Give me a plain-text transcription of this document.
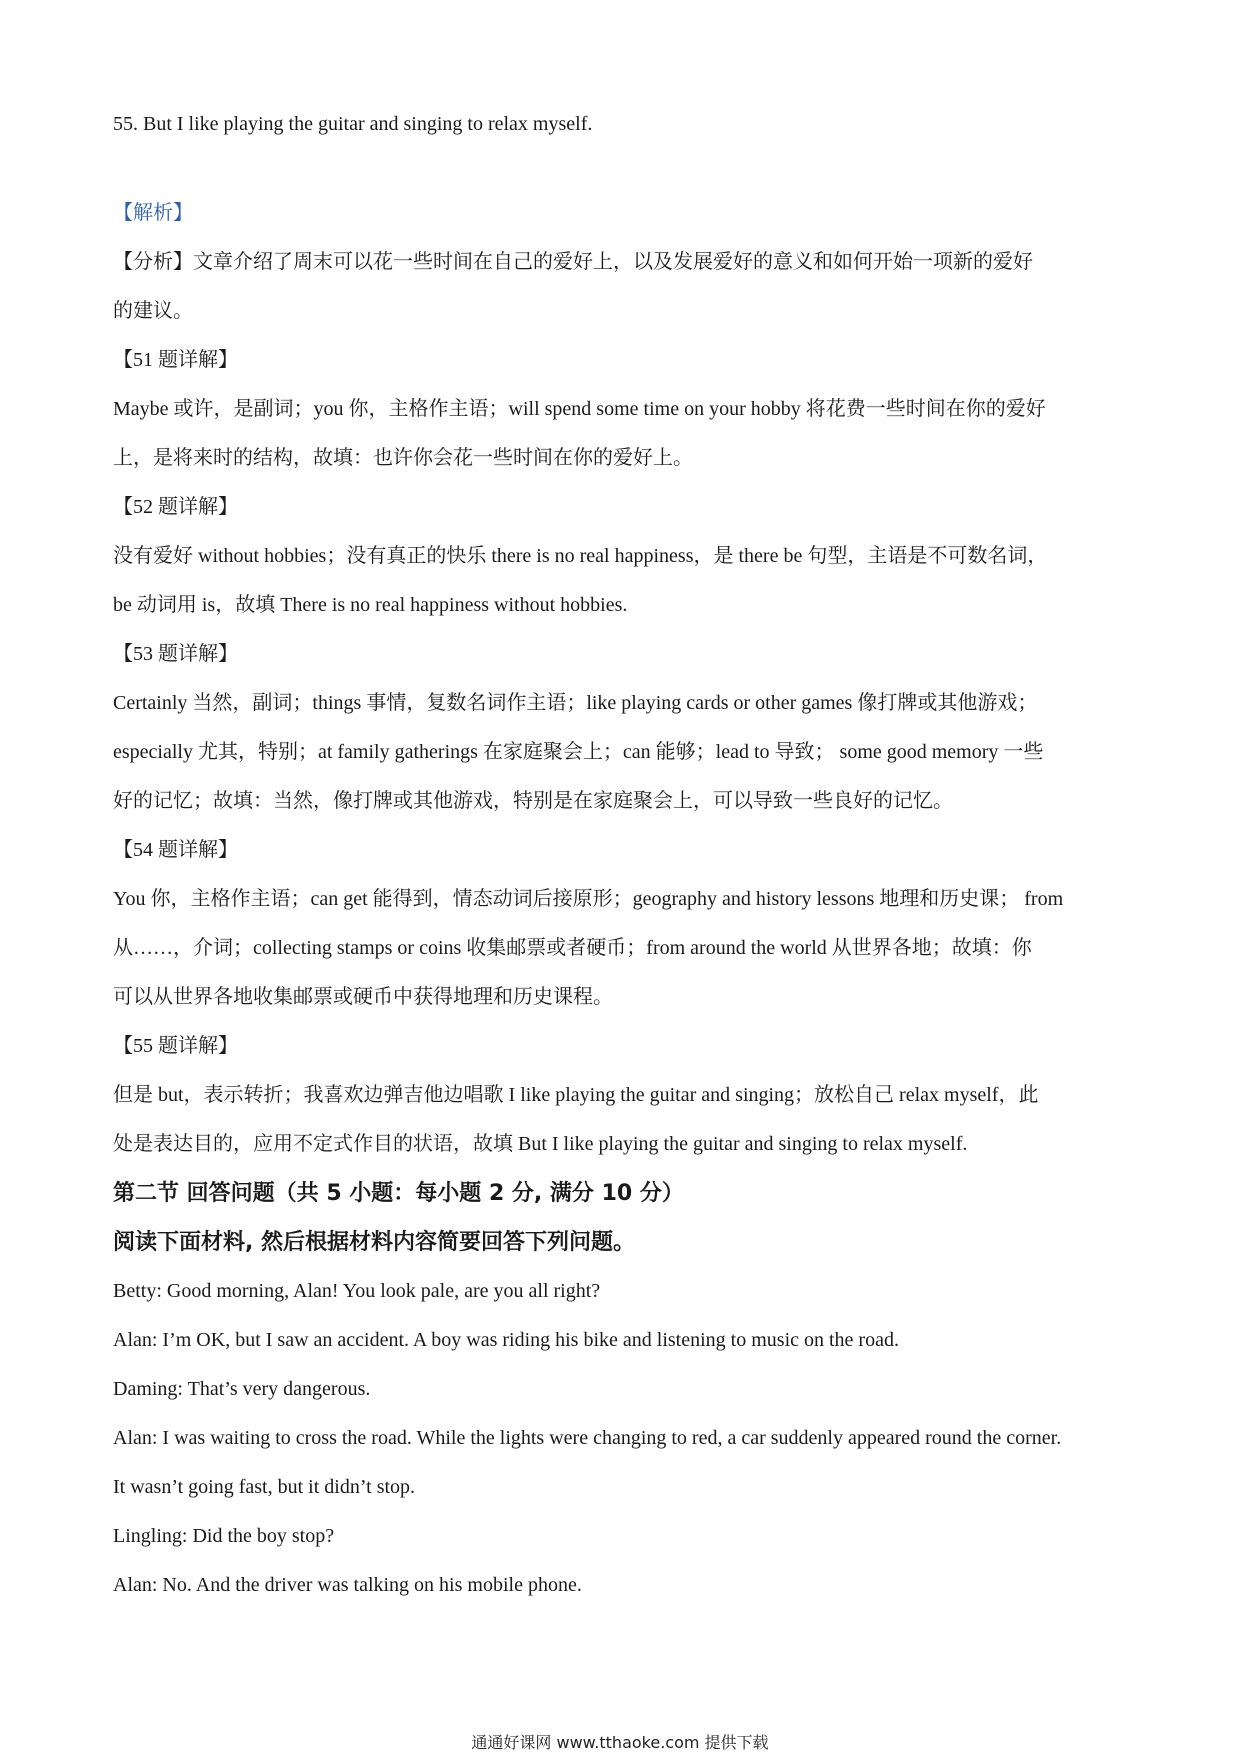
55. But I like playing the guitar and singing to relax myself.

【解析】

【分析】文章介绍了周末可以花一些时间在自己的爱好上，以及发展爱好的意义和如何开始一项新的爱好

的建议。

【51 题详解】

Maybe 或许，是副词；you 你，主格作主语；will spend some time on your hobby 将花费一些时间在你的爱好

上，是将来时的结构，故填：也许你会花一些时间在你的爱好上。

【52 题详解】

没有爱好 without hobbies；没有真正的快乐 there is no real happiness，是 there be 句型，主语是不可数名词，

be 动词用 is，故填 There is no real happiness without hobbies.

【53 题详解】

Certainly 当然，副词；things 事情，复数名词作主语；like playing cards or other games 像打牌或其他游戏；

especially 尤其，特别；at family gatherings 在家庭聚会上；can 能够；lead to 导致； some good memory 一些

好的记忆；故填：当然，像打牌或其他游戏，特别是在家庭聚会上，可以导致一些良好的记忆。

【54 题详解】

You 你，主格作主语；can get 能得到，情态动词后接原形；geography and history lessons 地理和历史课； from

从……，介词；collecting stamps or coins 收集邮票或者硬币；from around the world 从世界各地；故填：你

可以从世界各地收集邮票或硬币中获得地理和历史课程。

【55 题详解】

但是 but，表示转折；我喜欢边弹吉他边唱歌 I like playing the guitar and singing；放松自己 relax myself，此

处是表达目的，应用不定式作目的状语，故填 But I like playing the guitar and singing to relax myself.

第二节 回答问题（共 5 小题：每小题 2 分, 满分 10 分）

阅读下面材料, 然后根据材料内容简要回答下列问题。

Betty: Good morning, Alan! You look pale, are you all right?

Alan: I’m OK, but I saw an accident. A boy was riding his bike and listening to music on the road.

Daming: That’s very dangerous.

Alan: I was waiting to cross the road. While the lights were changing to red, a car suddenly appeared round the corner.

It wasn’t going fast, but it didn’t stop.

Lingling: Did the boy stop?

Alan: No. And the driver was talking on his mobile phone.

通通好课网 www.tthaoke.com 提供下载
